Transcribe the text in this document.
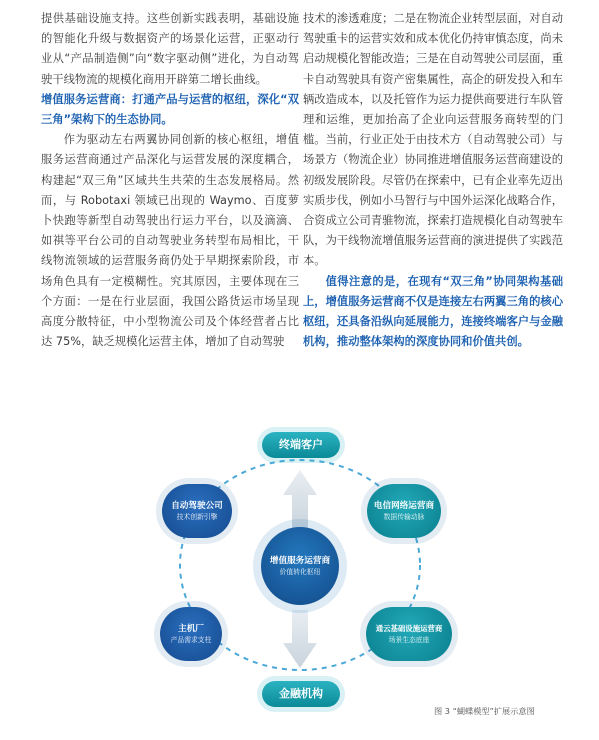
提供基础设施支持。这些创新实践表明，基础设施的智能化升级与数据资产的场景化运营，正驱动行业从“产品制造侧”向“数字驱动侧”进化，为自动驾驶干线物流的规模化商用开辟第二增长曲线。

增值服务运营商：打通产品与运营的枢纽，深化“双三角”架构下的生态协同。

作为驱动左右两翼协同创新的核心枢纽，增值服务运营商通过产品深化与运营发展的深度耦合，构建起“双三角”区域共生共荣的生态发展格局。然而，与 Robotaxi 领域已出现的 Waymo、百度萝卜快跑等新型自动驾驶出行运力平台，以及滴滴、如祺等平台公司的自动驾驶业务转型布局相比，干线物流领域的运营服务商仍处于早期探索阶段，市场角色具有一定模糊性。究其原因，主要体现在三个方面：一是在行业层面，我国公路货运市场呈现高度分散特征，中小型物流公司及个体经营者占比达 75%，缺乏规模化运营主体，增加了自动驾驶

技术的渗透难度；二是在物流企业转型层面，对自动驾驶重卡的运营实效和成本优化仍持审慎态度，尚未启动规模化智能改造；三是在自动驾驶公司层面，重卡自动驾驶具有资产密集属性，高企的研发投入和车辆改造成本，以及托管作为运力提供商要进行车队管理和运维，更加抬高了企业向运营服务商转型的门槛。当前，行业正处于由技术方（自动驾驶公司）与场景方（物流企业）协同推进增值服务运营商建设的初级发展阶段。尽管仍在探索中，已有企业率先迈出实质步伐，例如小马智行与中国外运深化战略合作，合资成立公司青骓物流，探索打造规模化自动驾驶车队，为干线物流增值服务运营商的演进提供了实践范本。

值得注意的是，在现有“双三角”协同架构基础上，增值服务运营商不仅是连接左右两翼三角的核心枢纽，还具备沿纵向延展能力，连接终端客户与金融机构，推动整体架构的深度协同和价值共创。

终端客户
金融机构
增值服务运营商
价值转化枢纽
自动驾驶公司
技术创新引擎
电信网络运营商
数据传输动脉
主机厂
产品需求支柱
通云基础设施运营商
场景生态底座
图 3 “蝴蝶模型”扩展示意图
